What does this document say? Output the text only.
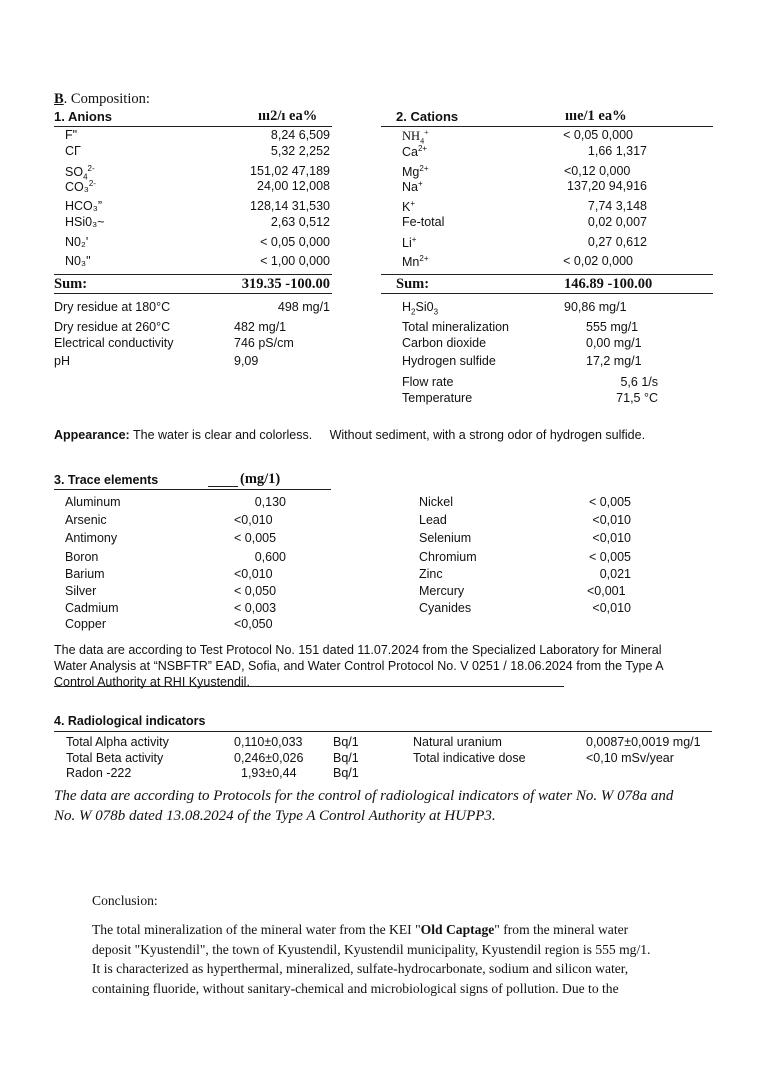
B. Composition:
1. Anions	ııı2/ı ea%	2. Cations	ıııe/1 ea%
F"	8,24 6,509
CΓ	5,32 2,252
$SO_4^{2-}$	151,02 47,189
CO₃$^{2-}$	24,00 12,008
HCO₃”	128,14 31,530
HSi0₃~	2,63 0,512
N0₂'	< 0,05 0,000
N0₃"	< 1,00 0,000
$NH_4^+$	< 0,05 0,000
$Ca^{2+}$	1,66 1,317
$Mg^{2+}$	<0,12 0,000
Na+	137,20 94,916
K+	7,74 3,148
Fe-total	0,02 0,007
Li+	0,27 0,612
$Mn^{2+}$	< 0,02 0,000
Sum:	319.35 -100.00	Sum:	146.89 -100.00
Dry residue at 180°C	498 mg/1	$H_2Si0_3$	90,86 mg/1
Dry residue at 260°C	482 mg/1	Total mineralization	555 mg/1
Electrical conductivity	746 pS/cm	Carbon dioxide	0,00 mg/1
pH	9,09	Hydrogen sulfide	17,2 mg/1
Flow rate	5,6 1/s
Temperature	71,5 °C
Appearance: The water is clear and colorless.     Without sediment, with a strong odor of hydrogen sulfide.
3. Trace elements	(mg/1)
Aluminum	0,130
Arsenic	<0,010
Antimony	< 0,005
Boron	0,600
Barium	<0,010
Silver	< 0,050
Cadmium	< 0,003
Copper	<0,050
Nickel	< 0,005
Lead	<0,010
Selenium	<0,010
Chromium	< 0,005
Zinc	0,021
Mercury	<0,001
Cyanides	<0,010
The data are according to Test Protocol No. 151 dated 11.07.2024 from the Specialized Laboratory for Mineral
Water Analysis at “NSBFTR” EAD, Sofia, and Water Control Protocol No. V 0251 / 18.06.2024 from the Type A
Control Authority at RHI Kyustendil.
4. Radiological indicators
Total Alpha activity	0,110±0,033 Bq/1
Total Beta activity	0,246±0,026 Bq/1
Radon -222	1,93±0,44	Bq/1
Natural uranium	0,0087±0,0019 mg/1
Total indicative dose	<0,10 mSv/year
The data are according to Protocols for the control of radiological indicators of water No. W 078a and
No. W 078b dated 13.08.2024 of the Type A Control Authority at HUPP3.
Conclusion:
The total mineralization of the mineral water from the KEI "Old Captage" from the mineral water
deposit "Kyustendil", the town of Kyustendil, Kyustendil municipality, Kyustendil region is 555 mg/1.
It is characterized as hyperthermal, mineralized, sulfate-hydrocarbonate, sodium and silicon water,
containing fluoride, without sanitary-chemical and microbiological signs of pollution. Due to the
